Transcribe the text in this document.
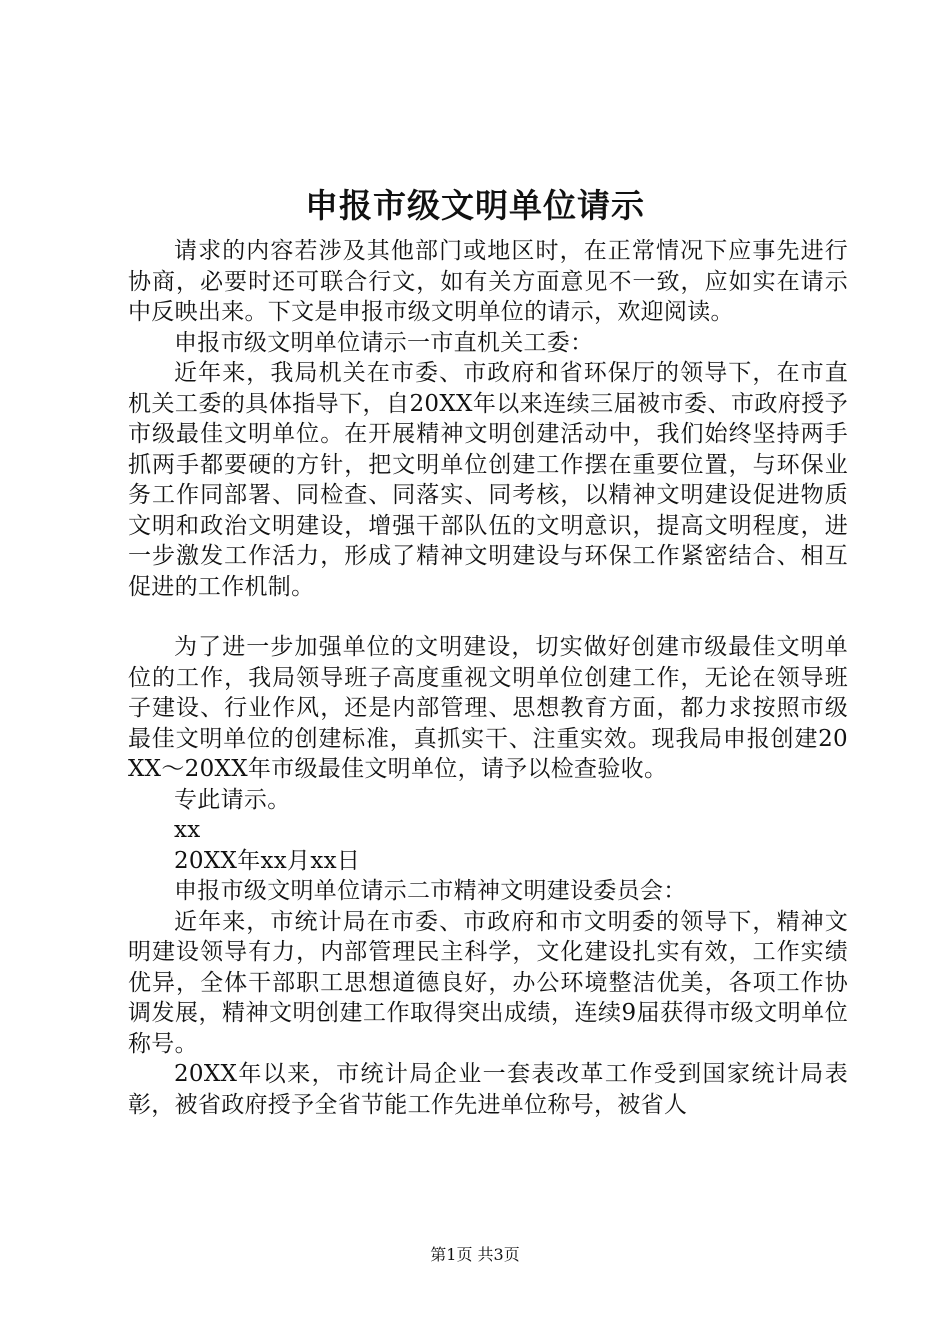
申报市级文明单位请示

请求的内容若涉及其他部门或地区时，在正常情况下应事先进行协商，必要时还可联合行文，如有关方面意见不一致，应如实在请示中反映出来。下文是申报市级文明单位的请示，欢迎阅读。

申报市级文明单位请示一市直机关工委：

近年来，我局机关在市委、市政府和省环保厅的领导下，在市直机关工委的具体指导下，自20XX年以来连续三届被市委、市政府授予市级最佳文明单位。在开展精神文明创建活动中，我们始终坚持两手抓两手都要硬的方针，把文明单位创建工作摆在重要位置，与环保业务工作同部署、同检查、同落实、同考核，以精神文明建设促进物质文明和政治文明建设，增强干部队伍的文明意识，提高文明程度，进一步激发工作活力，形成了精神文明建设与环保工作紧密结合、相互促进的工作机制。

为了进一步加强单位的文明建设，切实做好创建市级最佳文明单位的工作，我局领导班子高度重视文明单位创建工作，无论在领导班子建设、行业作风，还是内部管理、思想教育方面，都力求按照市级最佳文明单位的创建标准，真抓实干、注重实效。现我局申报创建20XX～20XX年市级最佳文明单位，请予以检查验收。

专此请示。

xx

20XX年xx月xx日

申报市级文明单位请示二市精神文明建设委员会：

近年来，市统计局在市委、市政府和市文明委的领导下，精神文明建设领导有力，内部管理民主科学，文化建设扎实有效，工作实绩优异，全体干部职工思想道德良好，办公环境整洁优美，各项工作协调发展，精神文明创建工作取得突出成绩，连续9届获得市级文明单位称号。

20XX年以来，市统计局企业一套表改革工作受到国家统计局表彰，被省政府授予全省节能工作先进单位称号，被省人

第1页 共3页
